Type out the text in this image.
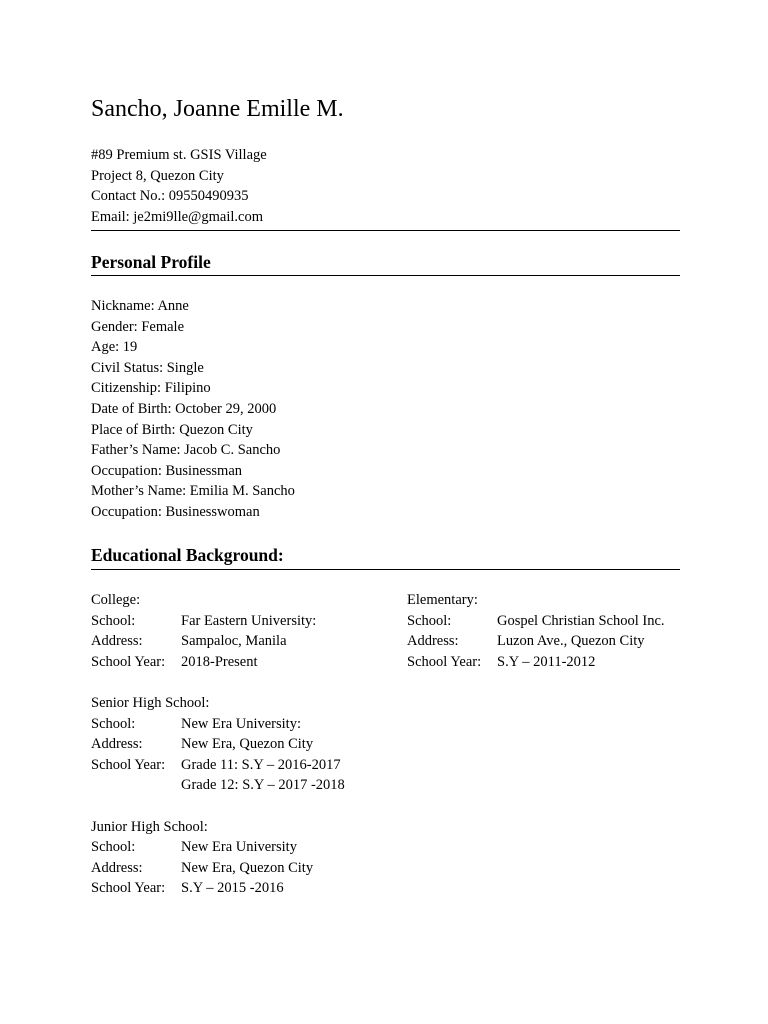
Sancho, Joanne Emille M.
#89 Premium st. GSIS Village
Project 8, Quezon City
Contact No.: 09550490935
Email: je2mi9lle@gmail.com
Personal Profile
Nickname: Anne
Gender: Female
Age: 19
Civil Status: Single
Citizenship: Filipino
Date of Birth: October 29, 2000
Place of Birth: Quezon City
Father’s Name: Jacob C. Sancho
Occupation: Businessman
Mother’s Name: Emilia M. Sancho
Occupation: Businesswoman
Educational Background:
College:
School:	Far Eastern University:
Address:	Sampaloc, Manila
School Year:	2018-Present
Senior High School:
School:	New Era University:
Address:	New Era, Quezon City
School Year:	Grade 11: S.Y – 2016-2017
Grade 12: S.Y – 2017 -2018
Junior High School:
School:	New Era University
Address:	New Era, Quezon City
School Year:	S.Y – 2015 -2016
Elementary:
School:	Gospel Christian School Inc.
Address:	Luzon Ave., Quezon City
School Year:	S.Y – 2011-2012
